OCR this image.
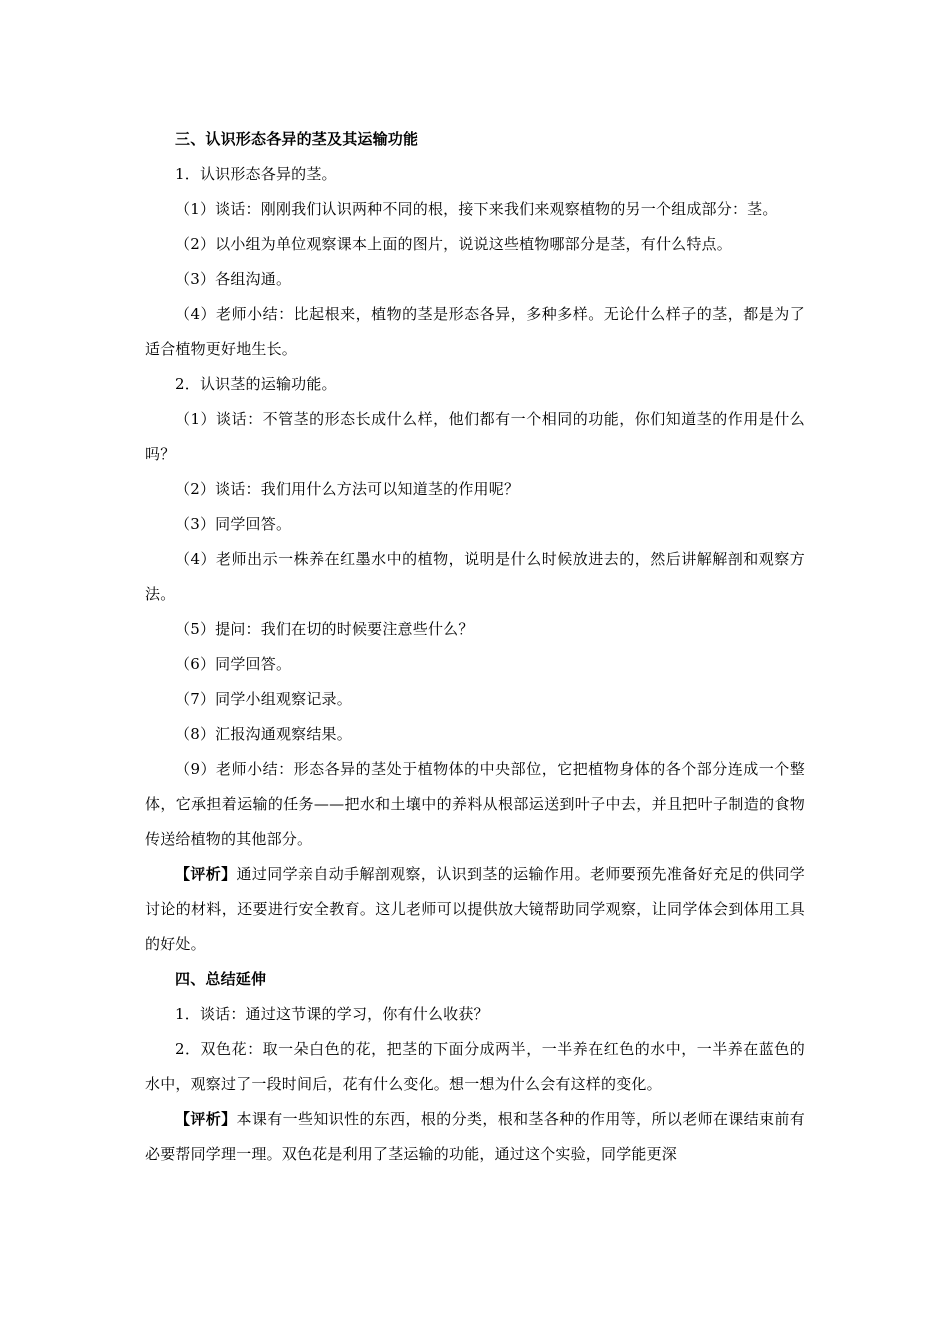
三、认识形态各异的茎及其运输功能

1．认识形态各异的茎。

（1）谈话：刚刚我们认识两种不同的根，接下来我们来观察植物的另一个组成部分：茎。

（2）以小组为单位观察课本上面的图片，说说这些植物哪部分是茎，有什么特点。

（3）各组沟通。

（4）老师小结：比起根来，植物的茎是形态各异，多种多样。无论什么样子的茎，都是为了适合植物更好地生长。

2．认识茎的运输功能。

（1）谈话：不管茎的形态长成什么样，他们都有一个相同的功能，你们知道茎的作用是什么吗？

（2）谈话：我们用什么方法可以知道茎的作用呢？

（3）同学回答。

（4）老师出示一株养在红墨水中的植物，说明是什么时候放进去的，然后讲解解剖和观察方法。

（5）提问：我们在切的时候要注意些什么？

（6）同学回答。

（7）同学小组观察记录。

（8）汇报沟通观察结果。

（9）老师小结：形态各异的茎处于植物体的中央部位，它把植物身体的各个部分连成一个整体，它承担着运输的任务——把水和土壤中的养料从根部运送到叶子中去，并且把叶子制造的食物传送给植物的其他部分。

【评析】通过同学亲自动手解剖观察，认识到茎的运输作用。老师要预先准备好充足的供同学讨论的材料，还要进行安全教育。这儿老师可以提供放大镜帮助同学观察，让同学体会到体用工具的好处。

四、总结延伸

1．谈话：通过这节课的学习，你有什么收获？

2．双色花：取一朵白色的花，把茎的下面分成两半，一半养在红色的水中，一半养在蓝色的水中，观察过了一段时间后，花有什么变化。想一想为什么会有这样的变化。

【评析】本课有一些知识性的东西，根的分类，根和茎各种的作用等，所以老师在课结束前有必要帮同学理一理。双色花是利用了茎运输的功能，通过这个实验，同学能更深
